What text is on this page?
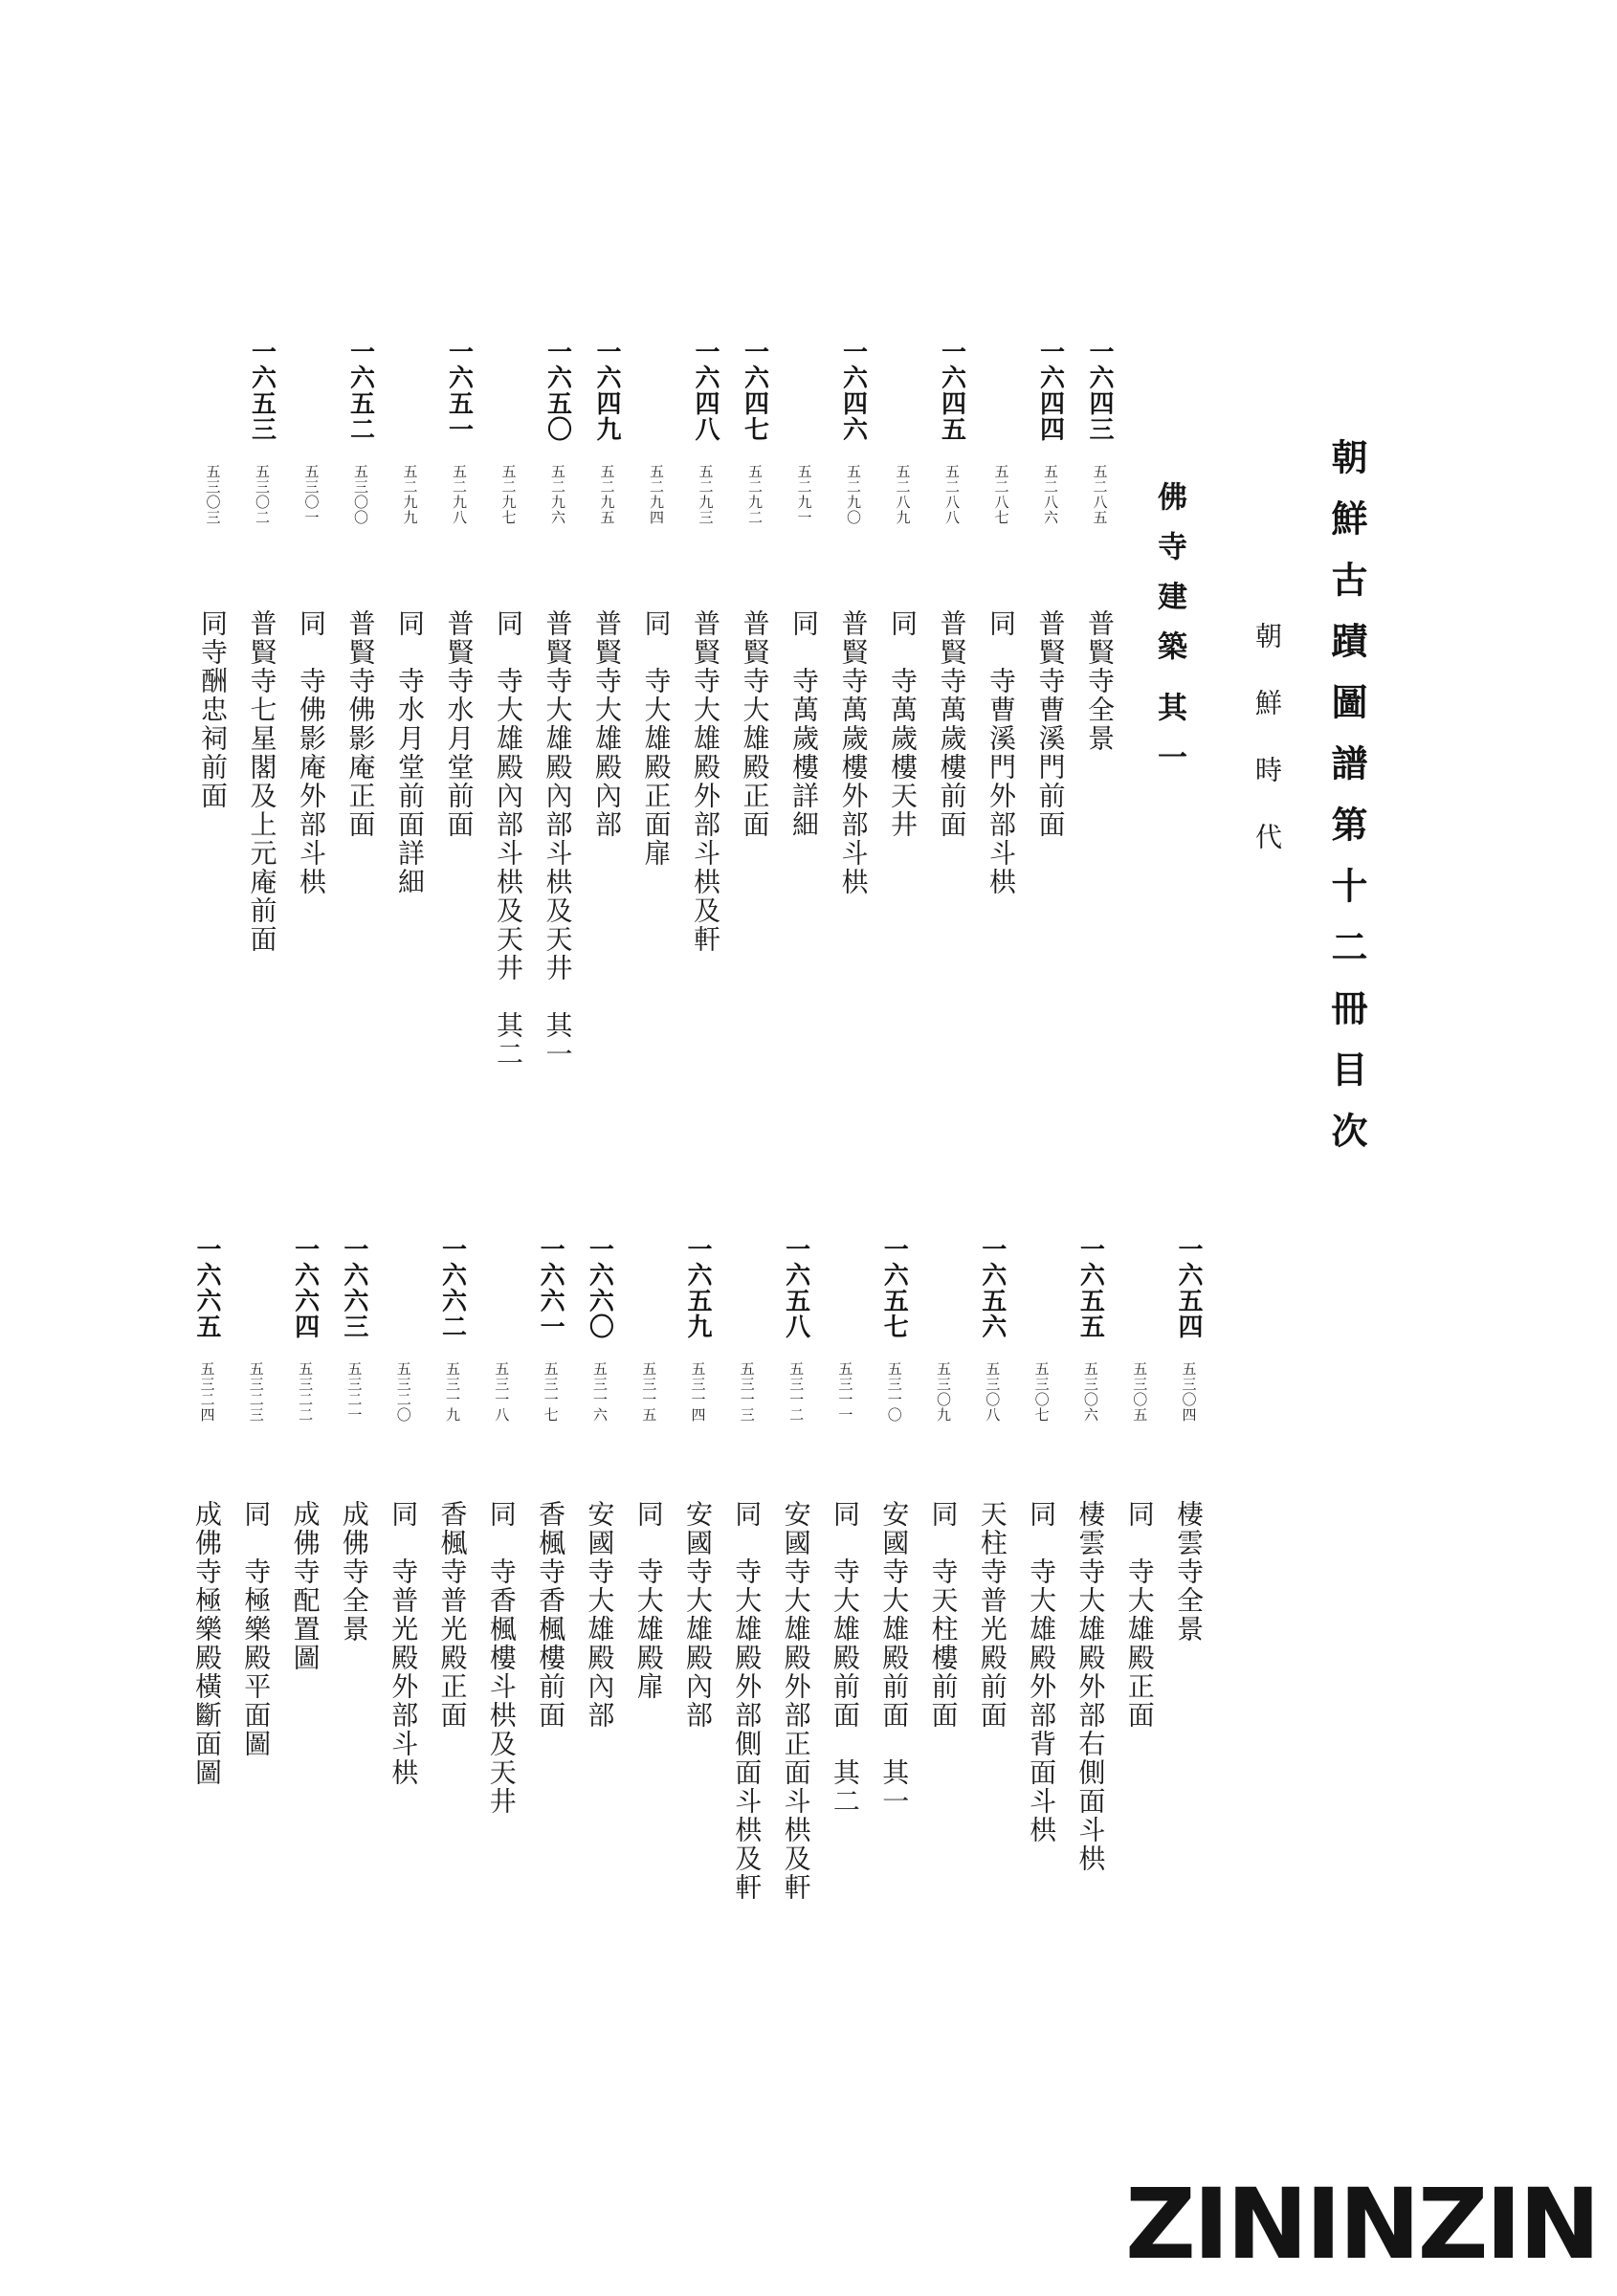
朝鮮古蹟圖譜第十二冊目次
朝鮮時代
佛寺建築其一
一六四三
五二八五
普賢寺全景
一六四四
五二八六
普賢寺曹溪門前面
五二八七
同　寺曹溪門外部斗栱
一六四五
五二八八
普賢寺萬歲樓前面
五二八九
同　寺萬歲樓天井
一六四六
五二九〇
普賢寺萬歲樓外部斗栱
五二九一
同　寺萬歲樓詳細
一六四七
五二九二
普賢寺大雄殿正面
一六四八
五二九三
普賢寺大雄殿外部斗栱及軒
五二九四
同　寺大雄殿正面扉
一六四九
五二九五
普賢寺大雄殿內部
一六五〇
五二九六
普賢寺大雄殿內部斗栱及天井　其一
五二九七
同　寺大雄殿內部斗栱及天井　其二
一六五一
五二九八
普賢寺水月堂前面
五二九九
同　寺水月堂前面詳細
一六五二
五三〇〇
普賢寺佛影庵正面
五三〇一
同　寺佛影庵外部斗栱
一六五三
五三〇二
普賢寺七星閣及上元庵前面
五三〇三
同寺酬忠祠前面
一六五四
五三〇四
棲雲寺全景
五三〇五
同　寺大雄殿正面
一六五五
五三〇六
棲雲寺大雄殿外部右側面斗栱
五三〇七
同　寺大雄殿外部背面斗栱
一六五六
五三〇八
天柱寺普光殿前面
五三〇九
同　寺天柱樓前面
一六五七
五三一〇
安國寺大雄殿前面　其一
五三一一
同　寺大雄殿前面　其二
一六五八
五三一二
安國寺大雄殿外部正面斗栱及軒
五三一三
同　寺大雄殿外部側面斗栱及軒
一六五九
五三一四
安國寺大雄殿內部
五三一五
同　寺大雄殿扉
一六六〇
五三一六
安國寺大雄殿內部
一六六一
五三一七
香楓寺香楓樓前面
五三一八
同　寺香楓樓斗栱及天井
一六六二
五三一九
香楓寺普光殿正面
五三二〇
同　寺普光殿外部斗栱
一六六三
五三二一
成佛寺全景
一六六四
五三二二
成佛寺配置圖
五三二三
同　寺極樂殿平面圖
一六六五
五三二四
成佛寺極樂殿橫斷面圖
ZININZIN
